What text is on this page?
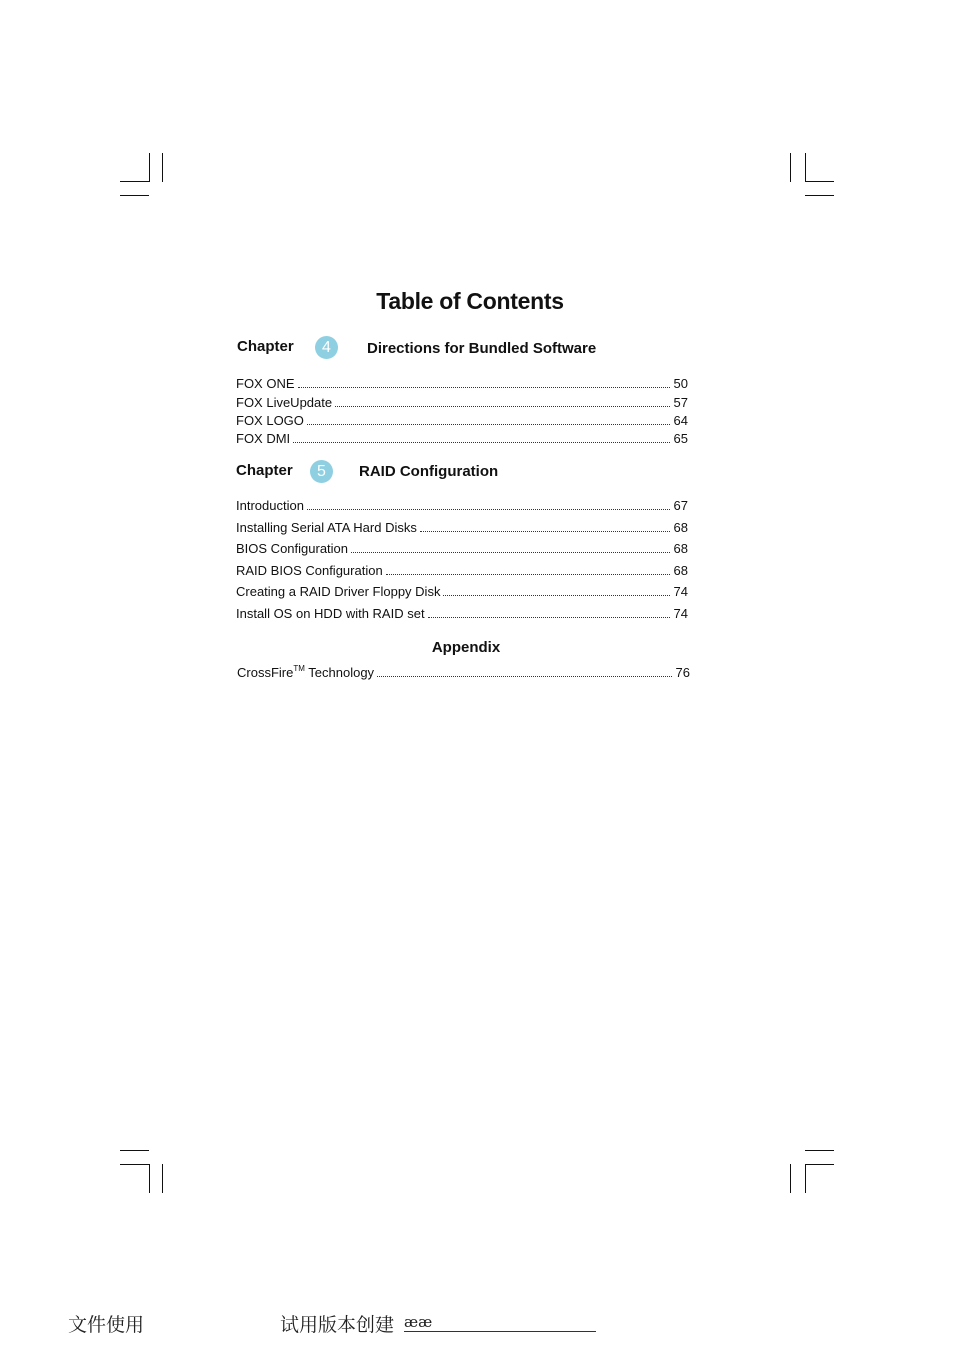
Table of Contents
Chapter	4	Directions for Bundled Software
FOX ONE	50
FOX LiveUpdate	57
FOX LOGO	64
FOX DMI	65
Chapter	5	RAID Configuration
Introduction	67
Installing Serial ATA Hard Disks	68
BIOS Configuration	68
RAID BIOS Configuration	68
Creating a RAID Driver Floppy Disk	74
Install OS on HDD with RAID set	74
Appendix
CrossFire™ Technology	76
文件使用	试用版本创建 ææ
